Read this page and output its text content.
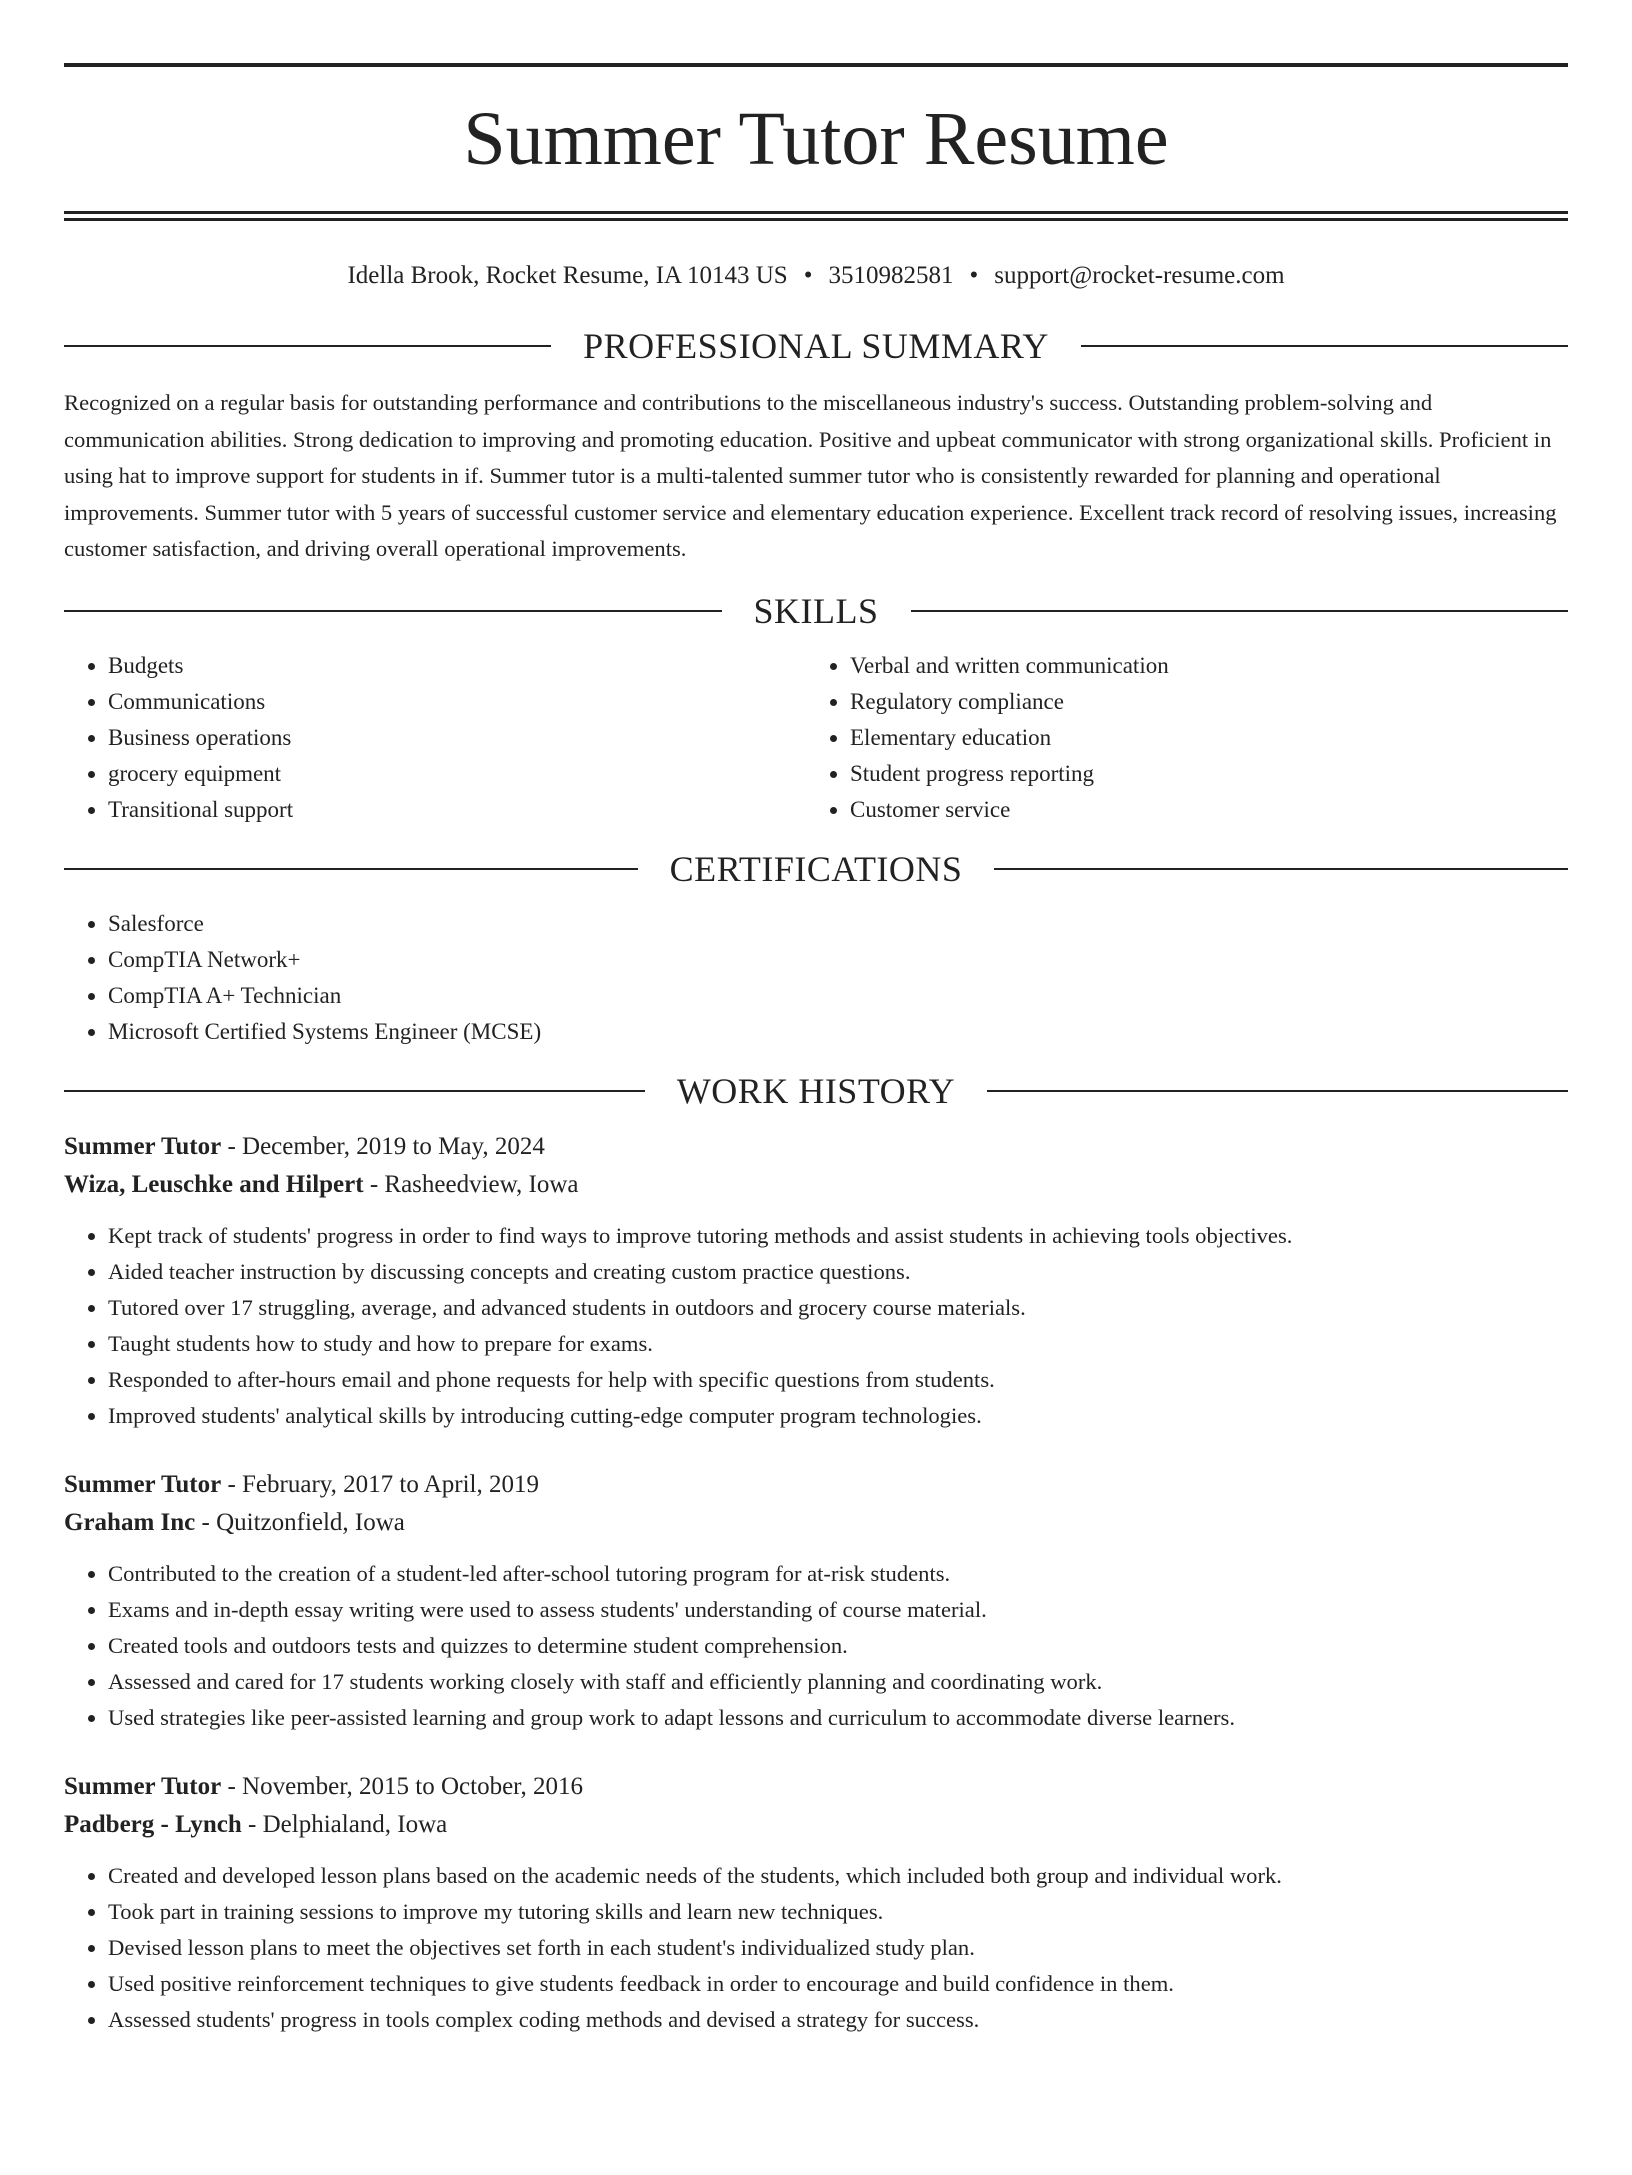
Summer Tutor Resume
Idella Brook, Rocket Resume, IA 10143 US • 3510982581 • support@rocket-resume.com
PROFESSIONAL SUMMARY

Recognized on a regular basis for outstanding performance and contributions to the miscellaneous industry's success. Outstanding problem-solving and communication abilities. Strong dedication to improving and promoting education. Positive and upbeat communicator with strong organizational skills. Proficient in using hat to improve support for students in if. Summer tutor is a multi-talented summer tutor who is consistently rewarded for planning and operational improvements. Summer tutor with 5 years of successful customer service and elementary education experience. Excellent track record of resolving issues, increasing customer satisfaction, and driving overall operational improvements.

SKILLS
• Budgets
• Communications
• Business operations
• grocery equipment
• Transitional support
• Verbal and written communication
• Regulatory compliance
• Elementary education
• Student progress reporting
• Customer service
CERTIFICATIONS
• Salesforce
• CompTIA Network+
• CompTIA A+ Technician
• Microsoft Certified Systems Engineer (MCSE)
WORK HISTORY
Summer Tutor - December, 2019 to May, 2024
Wiza, Leuschke and Hilpert - Rasheedview, Iowa
• Kept track of students' progress in order to find ways to improve tutoring methods and assist students in achieving tools objectives.
• Aided teacher instruction by discussing concepts and creating custom practice questions.
• Tutored over 17 struggling, average, and advanced students in outdoors and grocery course materials.
• Taught students how to study and how to prepare for exams.
• Responded to after-hours email and phone requests for help with specific questions from students.
• Improved students' analytical skills by introducing cutting-edge computer program technologies.
Summer Tutor - February, 2017 to April, 2019
Graham Inc - Quitzonfield, Iowa
• Contributed to the creation of a student-led after-school tutoring program for at-risk students.
• Exams and in-depth essay writing were used to assess students' understanding of course material.
• Created tools and outdoors tests and quizzes to determine student comprehension.
• Assessed and cared for 17 students working closely with staff and efficiently planning and coordinating work.
• Used strategies like peer-assisted learning and group work to adapt lessons and curriculum to accommodate diverse learners.
Summer Tutor - November, 2015 to October, 2016
Padberg - Lynch - Delphialand, Iowa
• Created and developed lesson plans based on the academic needs of the students, which included both group and individual work.
• Took part in training sessions to improve my tutoring skills and learn new techniques.
• Devised lesson plans to meet the objectives set forth in each student's individualized study plan.
• Used positive reinforcement techniques to give students feedback in order to encourage and build confidence in them.
• Assessed students' progress in tools complex coding methods and devised a strategy for success.
